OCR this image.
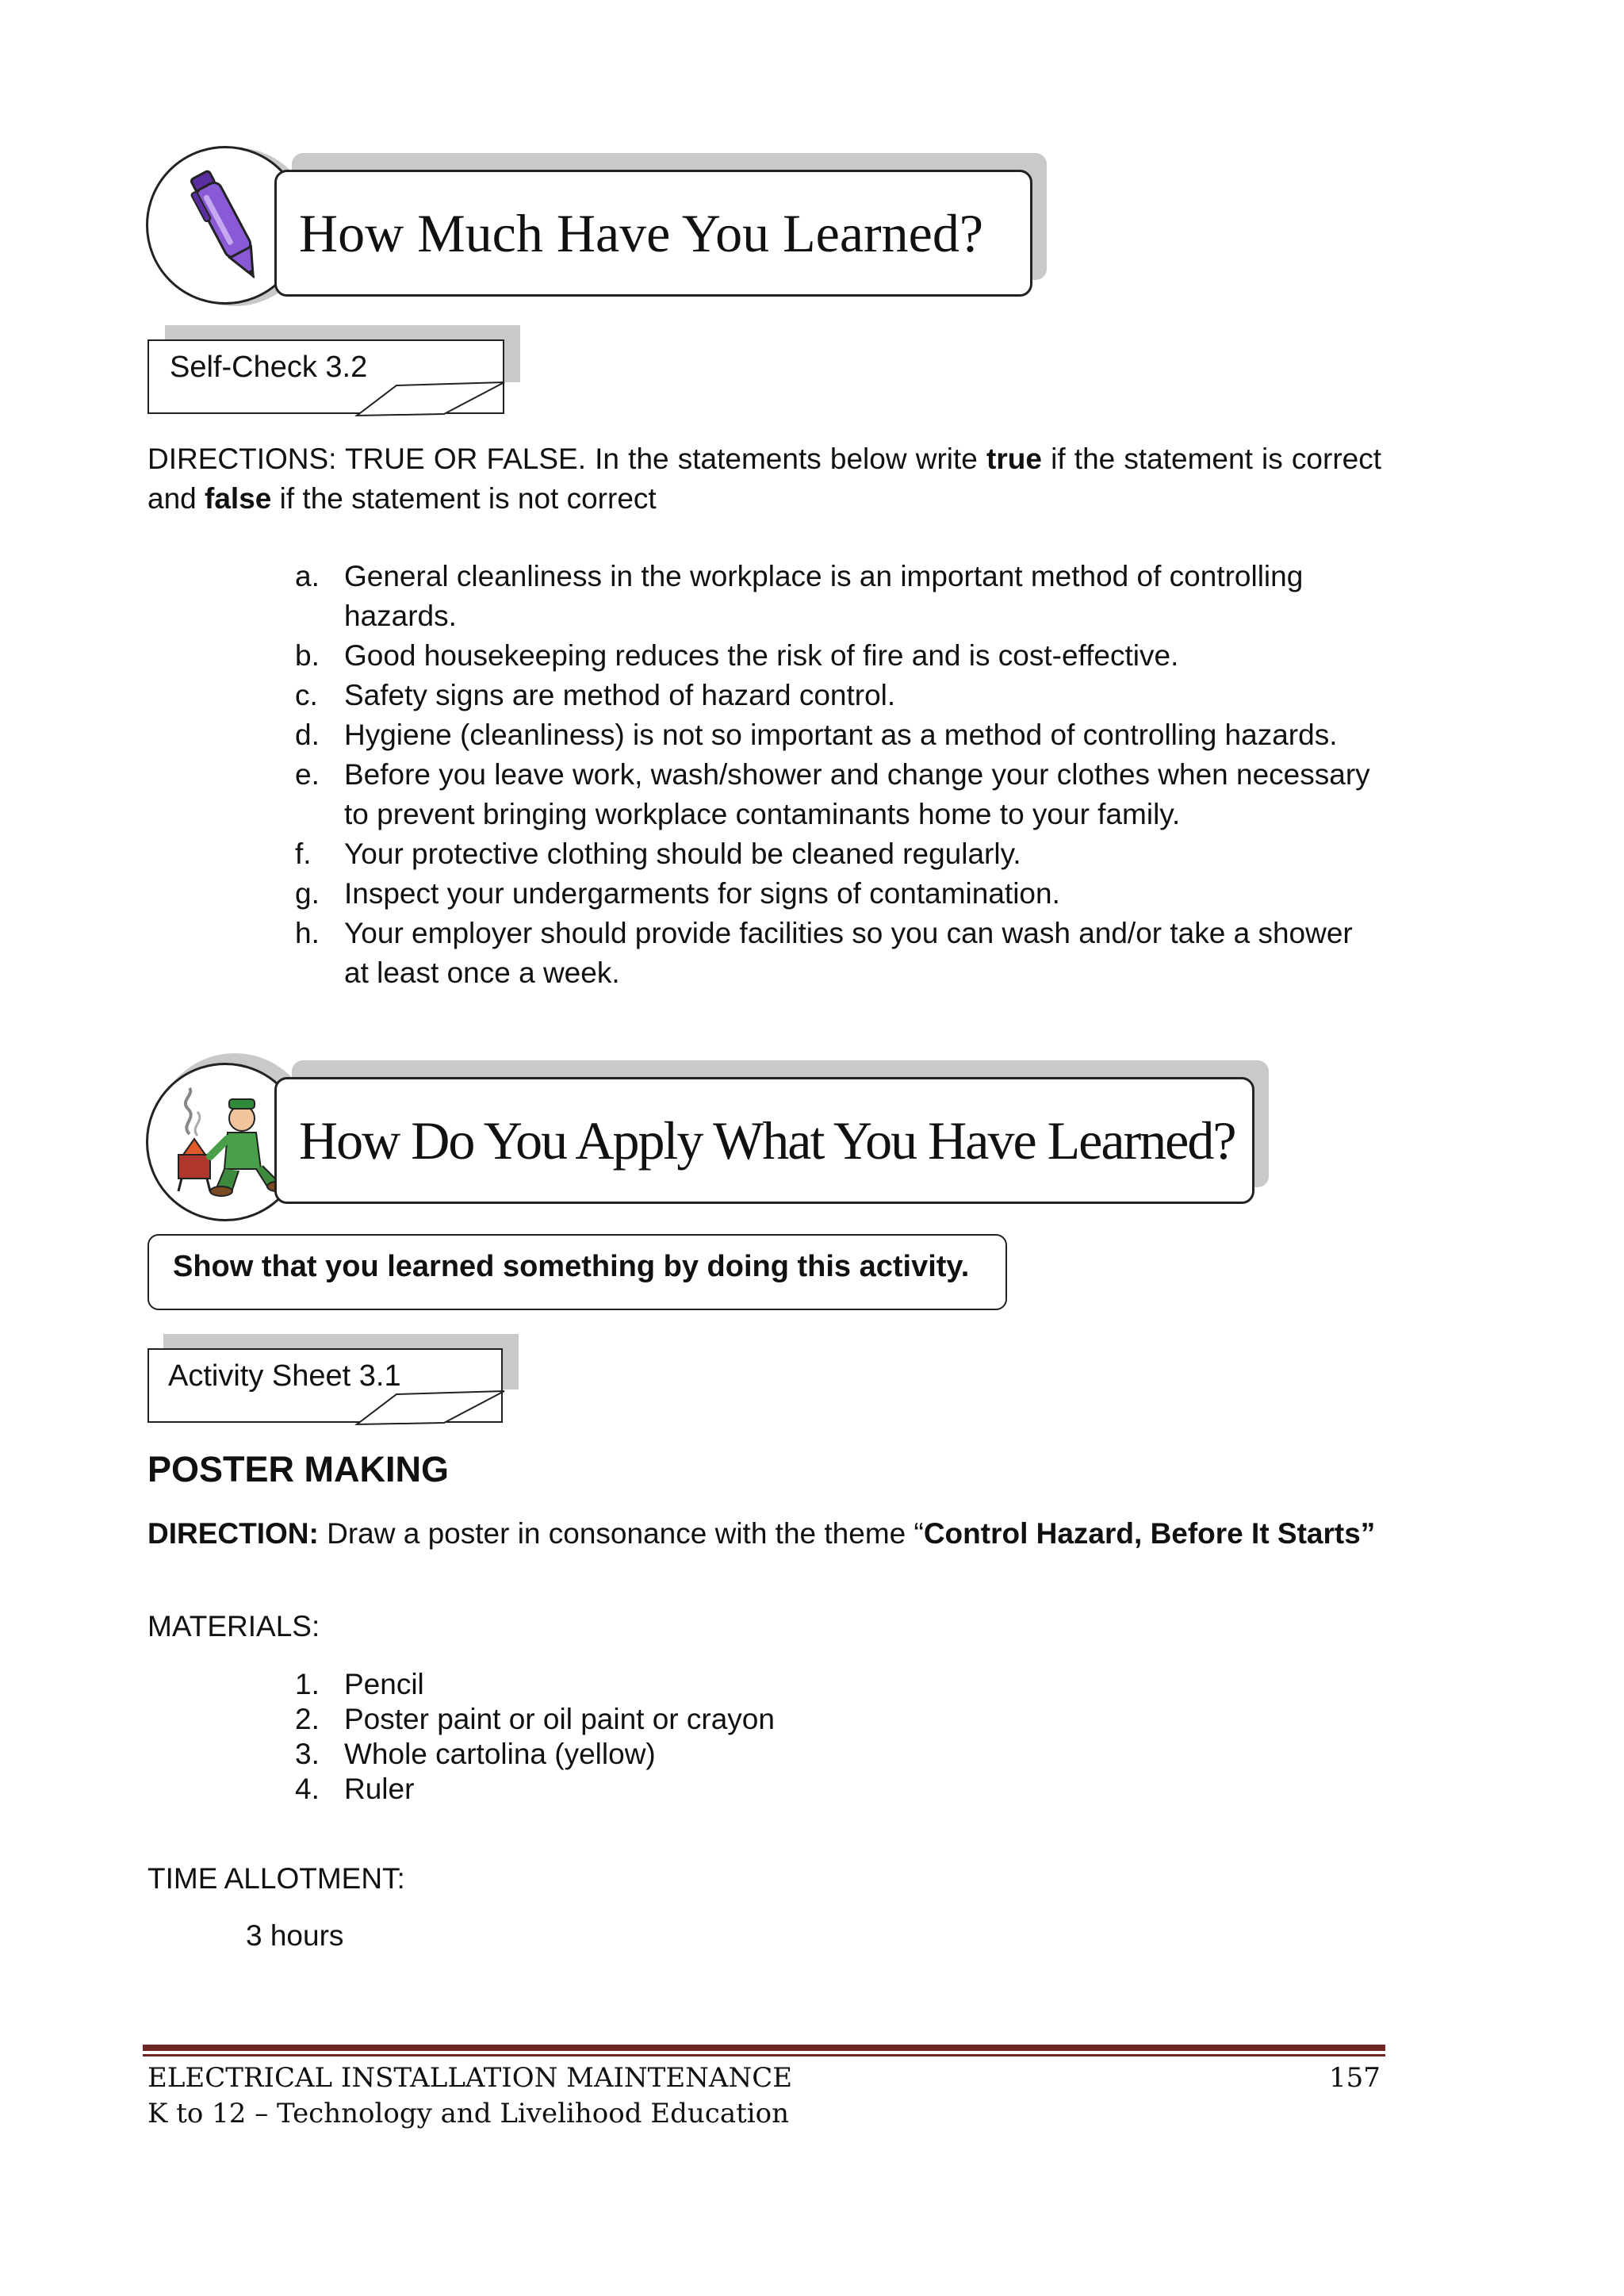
How Much Have You Learned?
Self-Check 3.2
DIRECTIONS: TRUE OR FALSE. In the statements below write true if the statement is correct and false if the statement is not correct
a. General cleanliness in the workplace is an important method of controlling hazards.
b. Good housekeeping reduces the risk of fire and is cost-effective.
c. Safety signs are method of hazard control.
d. Hygiene (cleanliness) is not so important as a method of controlling hazards.
e. Before you leave work, wash/shower and change your clothes when necessary to prevent bringing workplace contaminants home to your family.
f. Your protective clothing should be cleaned regularly.
g. Inspect your undergarments for signs of contamination.
h. Your employer should provide facilities so you can wash and/or take a shower at least once a week.
How Do You Apply What You Have Learned?
Show that you learned something by doing this activity.
Activity Sheet 3.1
POSTER MAKING
DIRECTION: Draw a poster in consonance with the theme “Control Hazard, Before It Starts”
MATERIALS:
1. Pencil
2. Poster paint or oil paint or crayon
3. Whole cartolina (yellow)
4. Ruler
TIME ALLOTMENT:
3 hours
ELECTRICAL INSTALLATION MAINTENANCE
K to 12 – Technology and Livelihood Education
157
